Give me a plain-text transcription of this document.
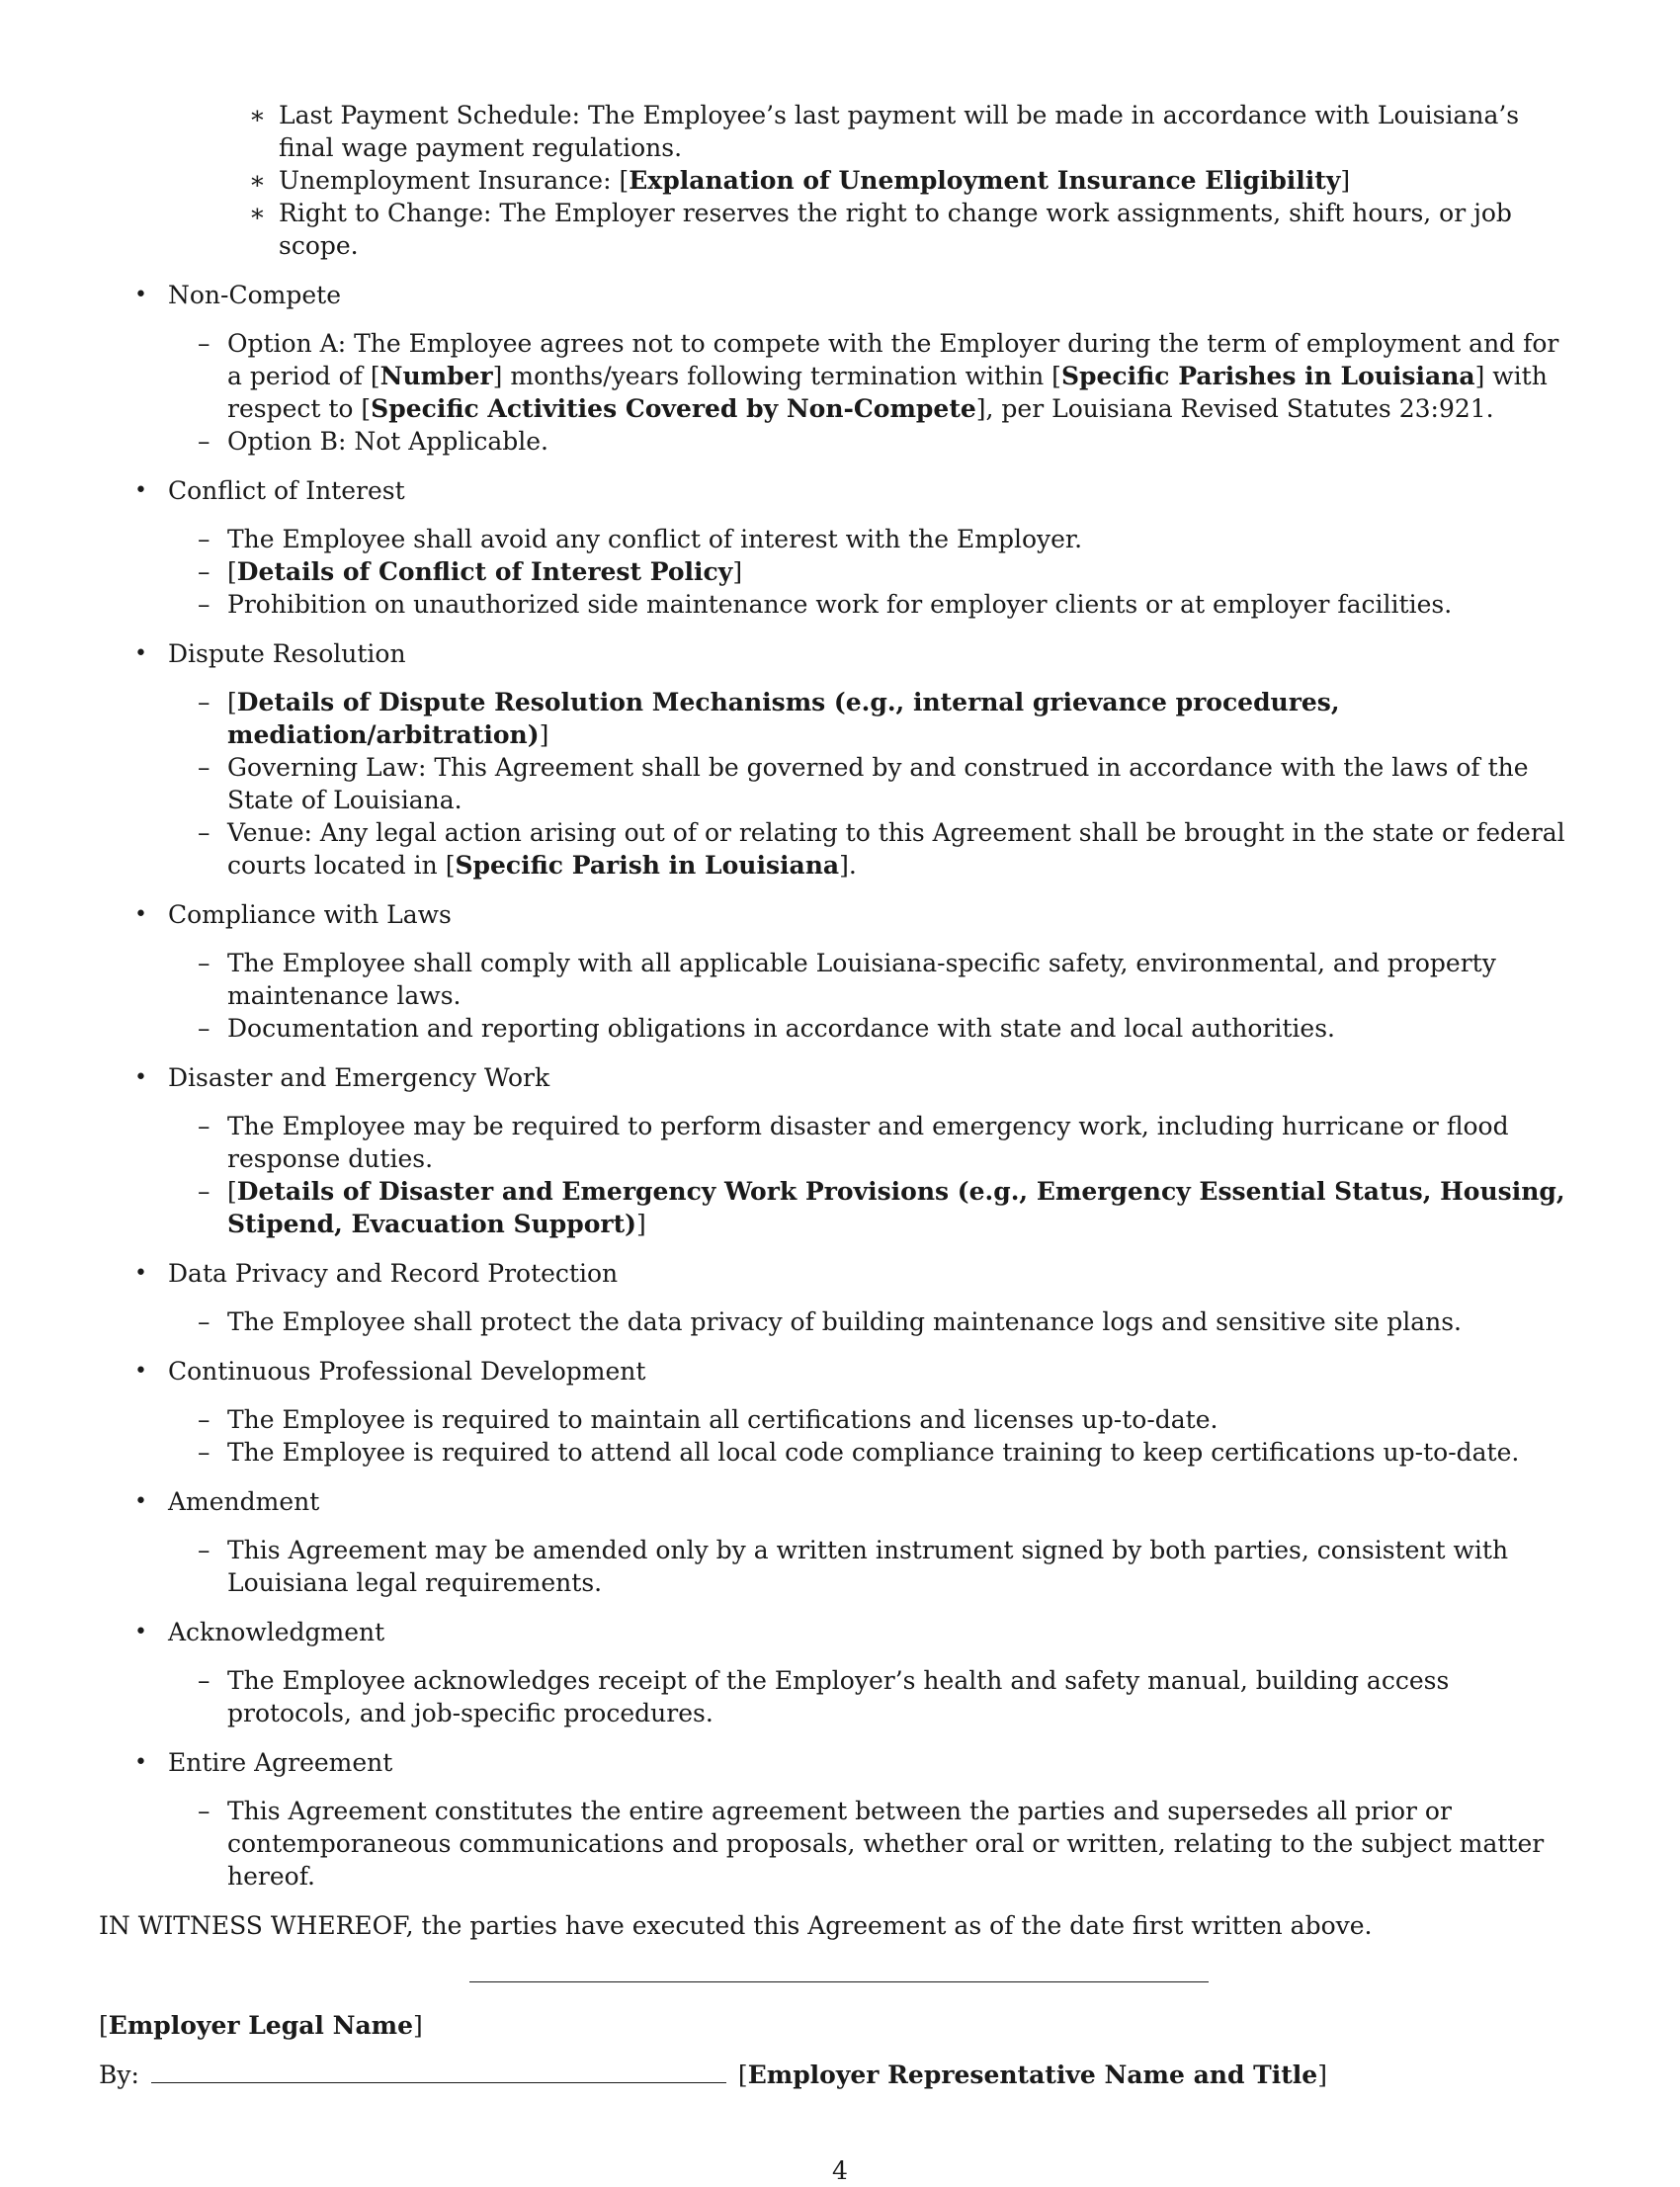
∗ Last Payment Schedule: The Employee’s last payment will be made in accordance with Louisiana’s final wage payment regulations.
∗ Unemployment Insurance: [Explanation of Unemployment Insurance Eligibility]
∗ Right to Change: The Employer reserves the right to change work assignments, shift hours, or job scope.
• Non-Compete
– Option A: The Employee agrees not to compete with the Employer during the term of employment and for a period of [Number] months/years following termination within [Specific Parishes in Louisiana] with respect to [Specific Activities Covered by Non-Compete], per Louisiana Revised Statutes 23:921.
– Option B: Not Applicable.
• Conflict of Interest
– The Employee shall avoid any conflict of interest with the Employer.
– [Details of Conflict of Interest Policy]
– Prohibition on unauthorized side maintenance work for employer clients or at employer facilities.
• Dispute Resolution
– [Details of Dispute Resolution Mechanisms (e.g., internal grievance procedures, mediation/arbitration)]
– Governing Law: This Agreement shall be governed by and construed in accordance with the laws of the State of Louisiana.
– Venue: Any legal action arising out of or relating to this Agreement shall be brought in the state or federal courts located in [Specific Parish in Louisiana].
• Compliance with Laws
– The Employee shall comply with all applicable Louisiana-specific safety, environmental, and property maintenance laws.
– Documentation and reporting obligations in accordance with state and local authorities.
• Disaster and Emergency Work
– The Employee may be required to perform disaster and emergency work, including hurricane or flood response duties.
– [Details of Disaster and Emergency Work Provisions (e.g., Emergency Essential Status, Housing, Stipend, Evacuation Support)]
• Data Privacy and Record Protection
– The Employee shall protect the data privacy of building maintenance logs and sensitive site plans.
• Continuous Professional Development
– The Employee is required to maintain all certifications and licenses up-to-date.
– The Employee is required to attend all local code compliance training to keep certifications up-to-date.
• Amendment
– This Agreement may be amended only by a written instrument signed by both parties, consistent with Louisiana legal requirements.
• Acknowledgment
– The Employee acknowledges receipt of the Employer’s health and safety manual, building access protocols, and job-specific procedures.
• Entire Agreement
– This Agreement constitutes the entire agreement between the parties and supersedes all prior or contemporaneous communications and proposals, whether oral or written, relating to the subject matter hereof.
IN WITNESS WHEREOF, the parties have executed this Agreement as of the date first written above.
[Employer Legal Name]
By:	[Employer Representative Name and Title]
4
